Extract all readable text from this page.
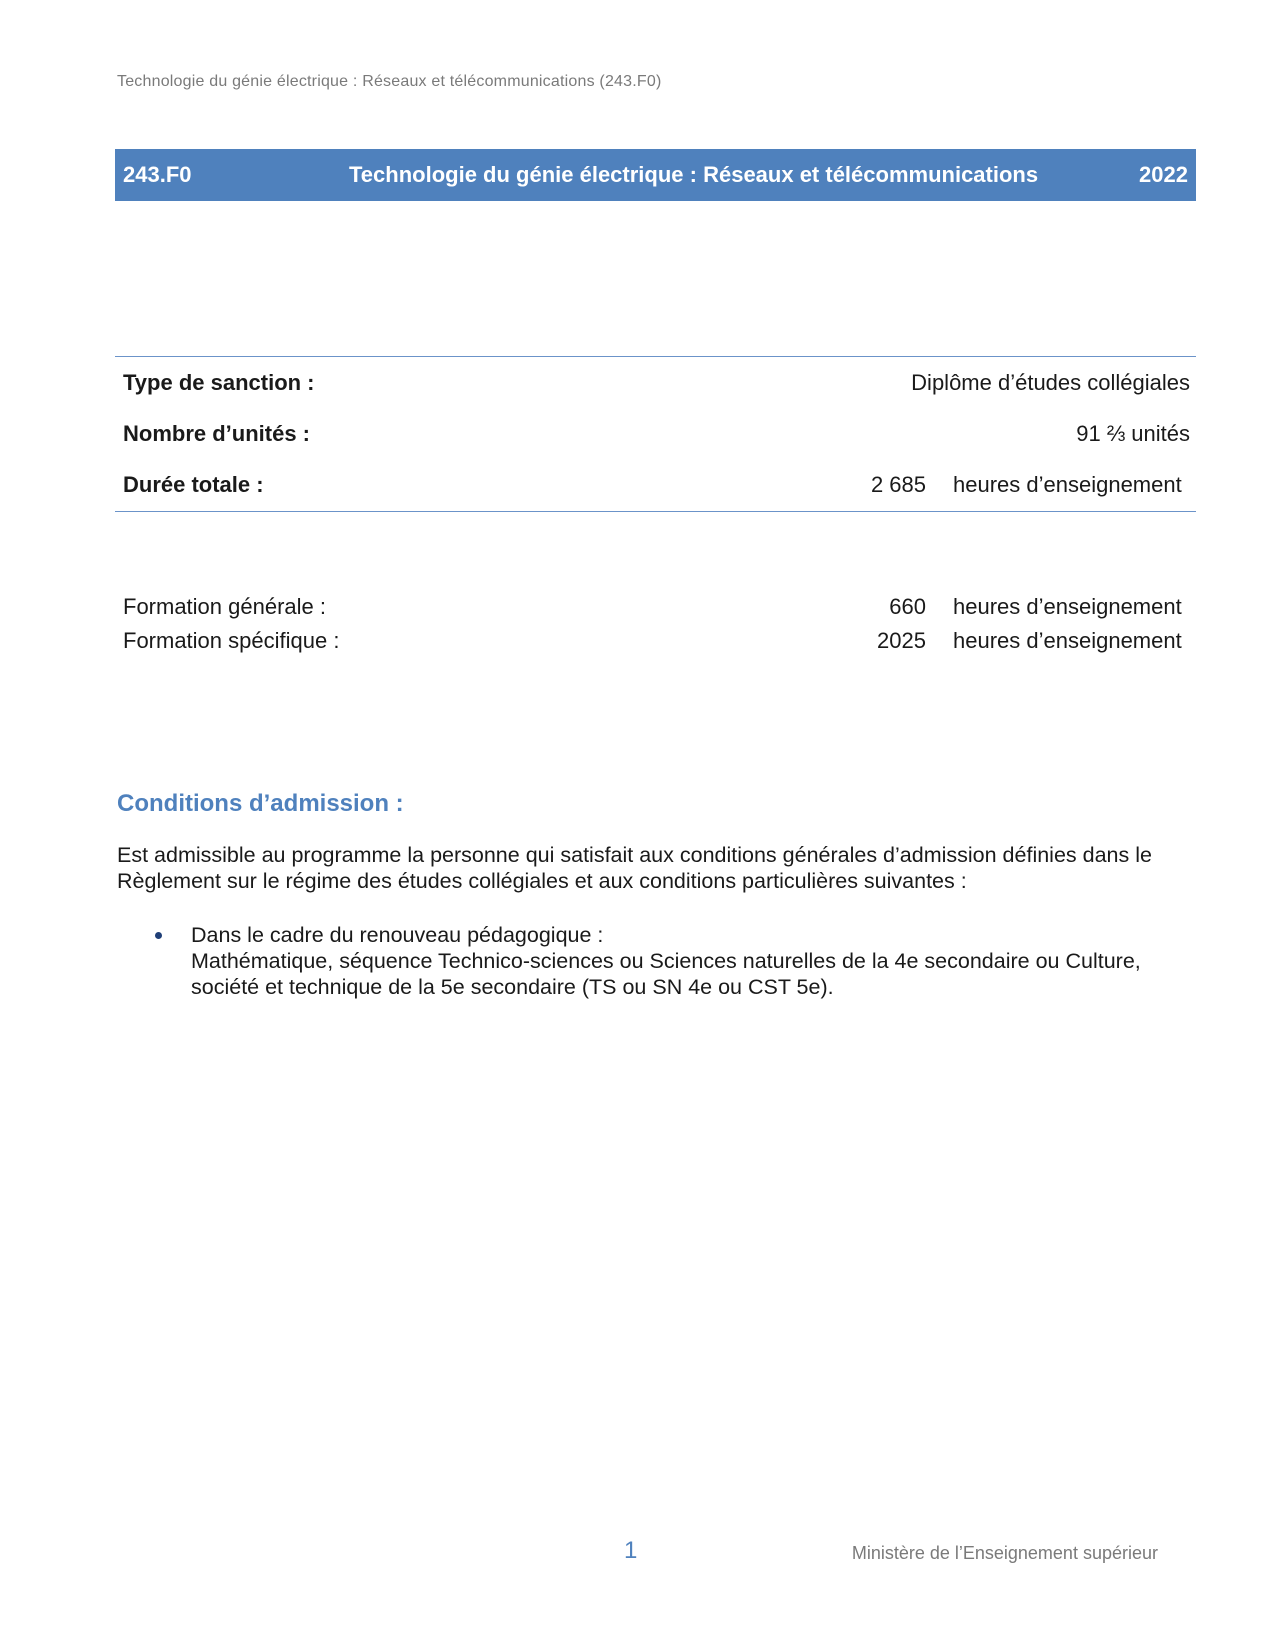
Technologie du génie électrique : Réseaux et télécommunications (243.F0)
243.F0	Technologie du génie électrique : Réseaux et télécommunications	2022
Type de sanction :	Diplôme d’études collégiales
Nombre d’unités :	91 ⅔ unités
Durée totale :	2 685 heures d’enseignement
Formation générale :	660 heures d’enseignement
Formation spécifique :	2025 heures d’enseignement
Conditions d’admission :
Est admissible au programme la personne qui satisfait aux conditions générales d’admission définies dans le Règlement sur le régime des études collégiales et aux conditions particulières suivantes :
Dans le cadre du renouveau pédagogique :
Mathématique, séquence Technico-sciences ou Sciences naturelles de la 4e secondaire ou Culture, société et technique de la 5e secondaire (TS ou SN 4e ou CST 5e).
1	Ministère de l’Enseignement supérieur
